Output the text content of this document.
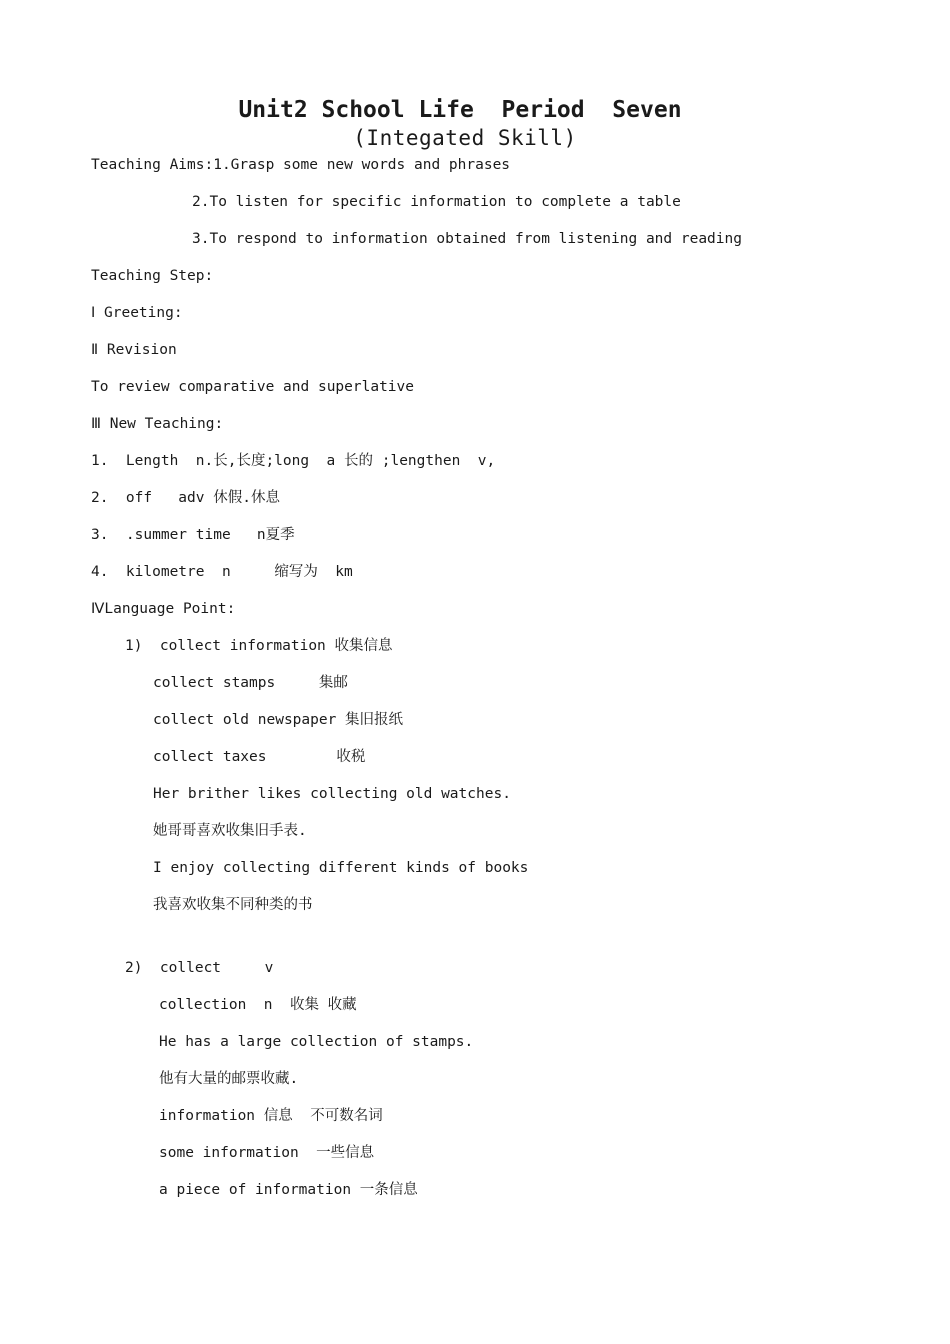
Unit2 School Life  Period  Seven
(Integated Skill)
Teaching Aims:1.Grasp some new words and phrases
2.To listen for specific information to complete a table
3.To respond to information obtained from listening and reading
Teaching Step:
Ⅰ Greeting:
Ⅱ Revision
To review comparative and superlative
Ⅲ New Teaching:
1.  Length  n.长,长度;long  a 长的 ;lengthen  v,
2.  off   adv 休假.休息
3.  .summer time   n夏季
4.  kilometre  n     缩写为  km
ⅣLanguage Point:
1)  collect information 收集信息
collect stamps     集邮
collect old newspaper 集旧报纸
collect taxes        收税
Her brither likes collecting old watches.
她哥哥喜欢收集旧手表.
I enjoy collecting different kinds of books
我喜欢收集不同种类的书
2)  collect     v
collection  n  收集 收藏
He has a large collection of stamps.
他有大量的邮票收藏.
information 信息  不可数名词
some information  一些信息
a piece of information 一条信息
